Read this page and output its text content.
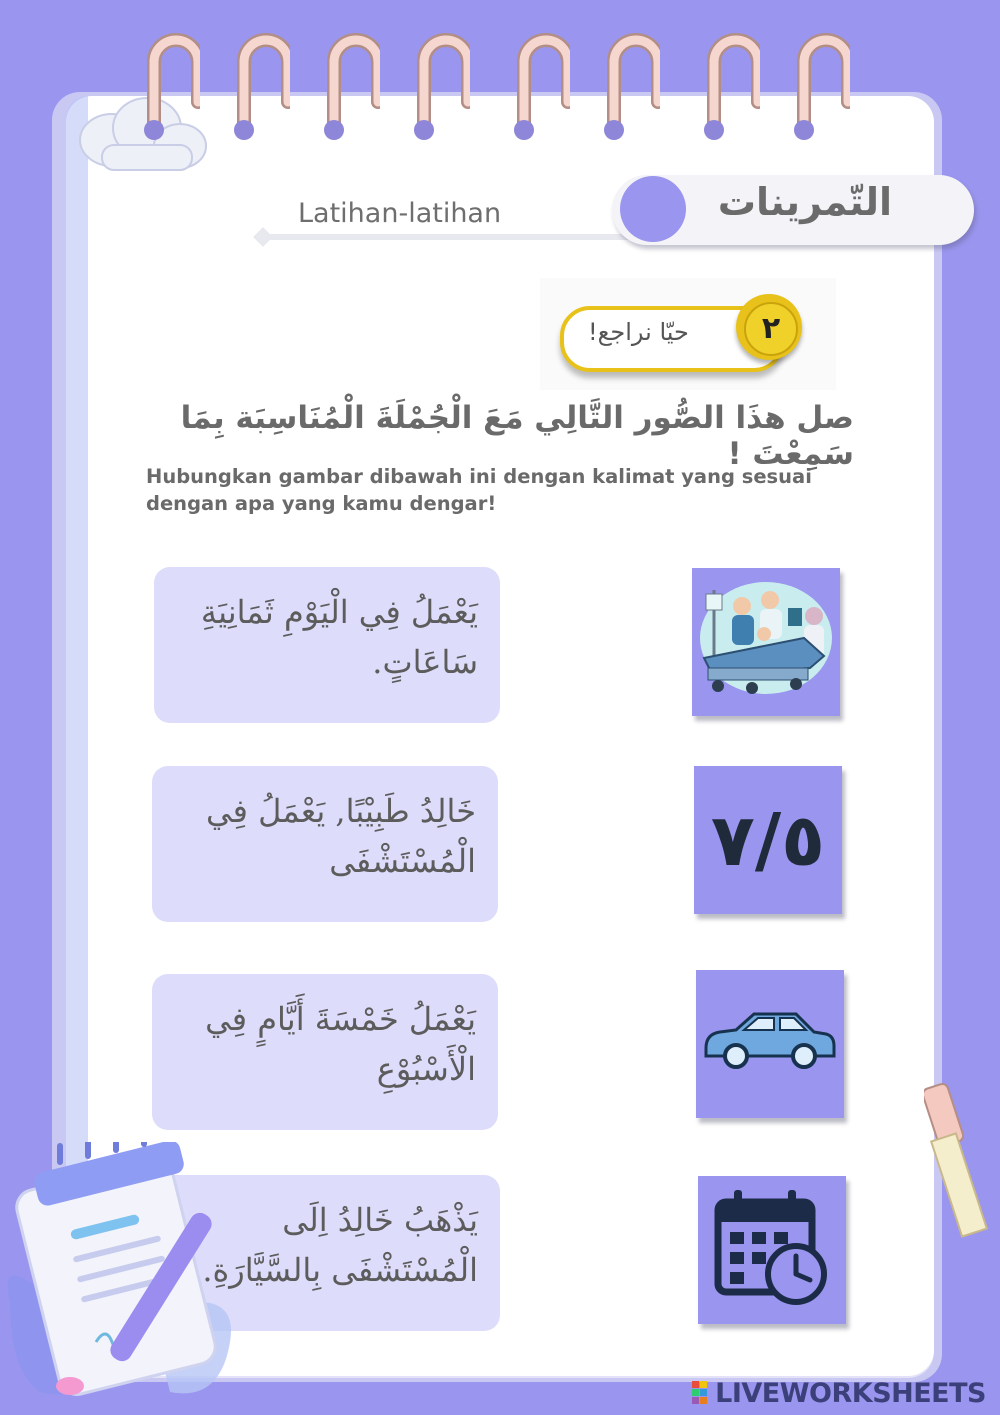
التّمرينات
Latihan-latihan
حيّا نراجع!	٢
صل هذَا الصُّور التَّالِي مَعَ الْجُمْلَةَ الْمُنَاسِبَة بِمَا سَمِعْتَ !
Hubungkan gambar dibawah ini dengan kalimat yang sesuai dengan apa yang kamu dengar!
يَعْمَلُ فِي الْيَوْمِ ثَمَانِيَةِ سَاعَاتٍ.
خَالِدُ طَبِيْبًا, يَعْمَلُ فِي الْمُسْتَشْفَى
يَعْمَلُ خَمْسَةَ أَيَّامٍ فِي الْأَسْبُوْعِ
يَذْهَبُ خَالِدُ اِلَى الْمُسْتَشْفَى بِالسَّيَّارَةِ.
٧/٥
LIVEWORKSHEETS
